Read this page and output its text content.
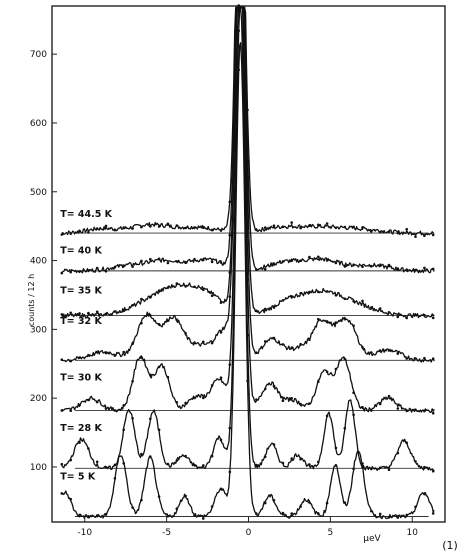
100
200
300
400
500
600
700
-10	-5	0	5	10
T= 44.5 K
T= 40 K
T= 35 K
T= 32 K
T= 30 K
T= 28 K
T= 5 K
counts / 12 h
µeV	(1)
